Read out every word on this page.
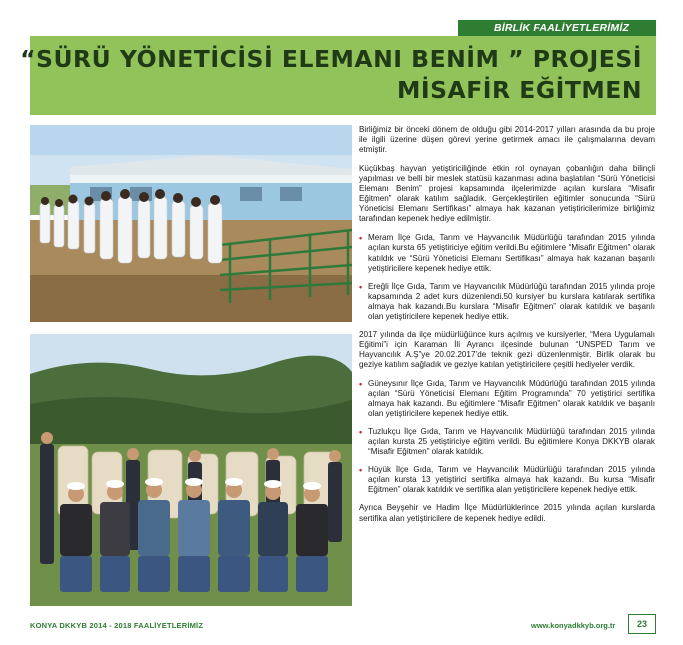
BİRLİK FAALİYETLERİMİZ
“SÜRÜ YÖNETİCİSİ ELEMANI BENİM ” PROJESİ
MİSAFİR EĞİTMEN

Birliğimiz bir önceki dönem de olduğu gibi 2014-2017 yılları arasında da bu proje ile ilgili üzerine düşen görevi yerine getirmek amacı ile çalışmalarına devam etmiştir.

Küçükbaş hayvan yetiştiriciliğinde etkin rol oynayan çobanlığın daha bilinçli yapılması ve belli bir meslek statüsü kazanması adına başlatılan “Sürü Yöneticisi Elemanı Benim” projesi kapsamında ilçelerimizde açılan kurslara “Misafir Eğitmen” olarak katılım sağladık. Gerçekleştirilen eğitimler sonucunda “Sürü Yöneticisi Elemanı Sertifikası” almaya hak kazanan yetiştiricilerimize birliğimiz tarafından kepenek hediye edilmiştir.

• Meram İlçe Gıda, Tarım ve Hayvancılık Müdürlüğü tarafından 2015 yılında açılan kursta 65 yetiştiriciye eğitim verildi.Bu eğitimlere “Misafir Eğitmen” olarak katıldık ve “Sürü Yöneticisi Elemanı Sertifikası” almaya hak kazanan başarılı yetiştiricilere kepenek hediye ettik.
• Ereğli İlçe Gıda, Tarım ve Hayvancılık Müdürlüğü tarafından 2015 yılında proje kapsamında 2 adet kurs düzenlendi.50 kursiyer bu kurslara katılarak sertifika almaya hak kazandı.Bu kurslara “Misafir Eğitmen” olarak katıldık ve başarılı olan yetiştiricilere kepenek hediye ettik.

2017 yılında da ilçe müdürlüğünce kurs açılmış ve kursiyerler, “Mera Uygulamalı Eğitimi”i için Karaman İli Ayrancı ilçesinde bulunan “UNSPED Tarım ve Hayvancılık A.Ş”ye 20.02.2017’de teknik gezi düzenlenmiştir. Birlik olarak bu geziye katılım sağladık ve geziye katılan yetiştiricilere çeşitli hediyeler verdik.

• Güneysınır İlçe Gıda, Tarım ve Hayvancılık Müdürlüğü tarafından 2015 yılında açılan “Sürü Yöneticisi Elemanı Eğitim Programında” 70 yetiştirici sertifika almaya hak kazandı. Bu eğitimlere “Misafir Eğitmen” olarak katıldık ve başarılı olan yetiştiricilere kepenek hediye ettik.
• Tuzlukçu İlçe Gıda, Tarım ve Hayvancılık Müdürlüğü tarafından 2015 yılında açılan kursta 25 yetiştiriciye eğitim verildi. Bu eğitimlere Konya DKKYB olarak “Misafir Eğitmen” olarak katıldık.
• Hüyük İlçe Gıda, Tarım ve Hayvancılık Müdürlüğü tarafından 2015 yılında açılan kursta 13 yetiştirici sertifika almaya hak kazandı. Bu kursa “Misafir Eğitmen” olarak katıldık ve sertifika alan yetiştiricilere kepenek hediye ettik.

Ayrıca Beyşehir ve Hadim İlçe Müdürlüklerince 2015 yılında açılan kurslarda sertifika alan yetiştiricilere de kepenek hediye edildi.

KONYA DKKYB 2014 - 2018 FAALİYETLERİMİZ	www.konyadkkyb.org.tr	23
